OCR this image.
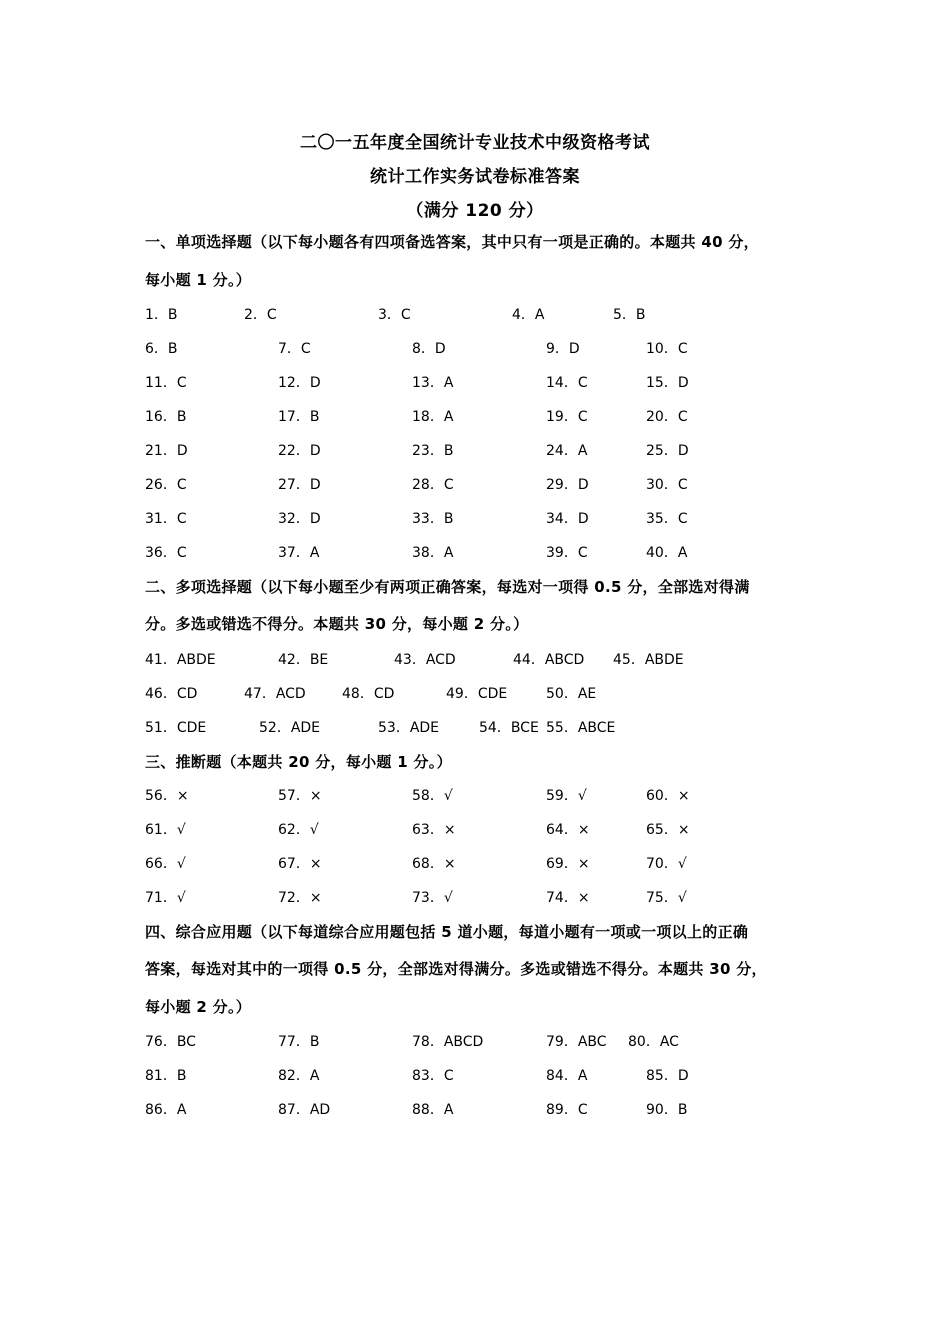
二〇一五年度全国统计专业技术中级资格考试
统计工作实务试卷标准答案
（满分 120 分）
一、单项选择题（以下每小题各有四项备选答案，其中只有一项是正确的。本题共 40 分，
每小题 1 分。）
1．B	2．C	3．C	4．A	5．B
6．B	7．C	8．D	9．D	10．C
11．C	12．D	13．A	14．C	15．D
16．B	17．B	18．A	19．C	20．C
21．D	22．D	23．B	24．A	25．D
26．C	27．D	28．C	29．D	30．C
31．C	32．D	33．B	34．D	35．C
36．C	37．A	38．A	39．C	40．A
二、多项选择题（以下每小题至少有两项正确答案，每选对一项得 0.5 分，全部选对得满
分。多选或错选不得分。本题共 30 分，每小题 2 分。）
41．ABDE	42．BE	43．ACD	44．ABCD 45．ABDE
46．CD	47．ACD	48．CD	49．CDE	50．AE
51．CDE	52．ADE	53．ADE	54．BCE 55．ABCE
三、推断题（本题共 20 分，每小题 1 分。）
56．×	57．×	58．√	59．√	60．×
61．√	62．√	63．×	64．×	65．×
66．√	67．×	68．×	69．×	70．√
71．√	72．×	73．√	74．×	75．√
四、综合应用题（以下每道综合应用题包括 5 道小题，每道小题有一项或一项以上的正确
答案，每选对其中的一项得 0.5 分，全部选对得满分。多选或错选不得分。本题共 30 分，
每小题 2 分。）
76．BC	77．B	78．ABCD	79．ABC 80．AC
81．B	82．A	83．C	84．A	85．D
86．A	87．AD	88．A	89．C	90．B
